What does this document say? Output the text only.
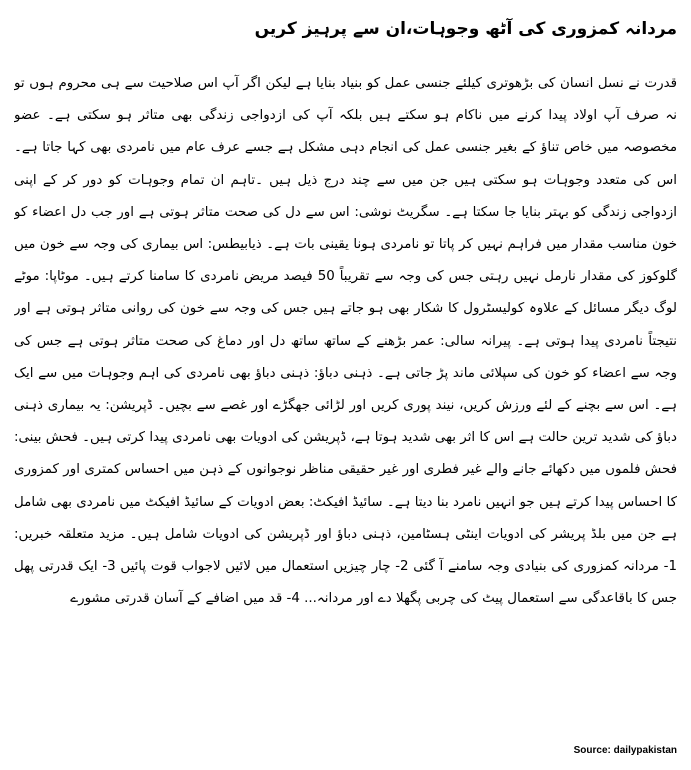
مردانہ کمزوری کی آٹھ وجوہات،ان سے پرہیز کریں

قدرت نے نسل انسان کی بڑھوتری کیلئے جنسی عمل کو بنیاد بنایا ہے لیکن اگر آپ اس صلاحیت سے ہی محروم ہوں تو نہ صرف آپ اولاد پیدا کرنے میں ناکام ہو سکتے ہیں بلکہ آپ کی ازدواجی زندگی بھی متاثر ہو سکتی ہے۔ عضو مخصوصہ میں خاص تناؤ کے بغیر جنسی عمل کی انجام دہی مشکل ہے جسے عرف عام میں نامردی بھی کہا جاتا ہے۔اس کی متعدد وجوہات ہو سکتی ہیں جن میں سے چند درج ذیل ہیں ۔تاہم ان تمام وجوہات کو دور کر کے اپنی ازدواجی زندگی کو بہتر بنایا جا سکتا ہے۔ سگریٹ نوشی: اس سے دل کی صحت متاثر ہوتی ہے اور جب دل اعضاء کو خون مناسب مقدار میں فراہم نہیں کر پاتا تو نامردی ہونا یقینی بات ہے۔ ذیابیطس: اس بیماری کی وجہ سے خون میں گلوکوز کی مقدار نارمل نہیں رہتی جس کی وجہ سے تقریباً 50 فیصد مریض نامردی کا سامنا کرتے ہیں۔ موٹاپا: موٹے لوگ دیگر مسائل کے علاوہ کولیسٹرول کا شکار بھی ہو جاتے ہیں جس کی وجہ سے خون کی روانی متاثر ہوتی ہے اور نتیجتاً نامردی پیدا ہوتی ہے۔ پیرانہ سالی: عمر بڑھنے کے ساتھ ساتھ دل اور دماغ کی صحت متاثر ہوتی ہے جس کی وجہ سے اعضاء کو خون کی سپلائی ماند پڑ جاتی ہے۔ ذہنی دباؤ: ذہنی دباؤ بھی نامردی کی اہم وجوہات میں سے ایک ہے۔ اس سے بچنے کے لئے ورزش کریں، نیند پوری کریں اور لڑائی جھگڑے اور غصے سے بچیں۔ ڈپریشن: یہ بیماری ذہنی دباؤ کی شدید ترین حالت ہے اس کا اثر بھی شدید ہوتا ہے، ڈپریشن کی ادویات بھی نامردی پیدا کرتی ہیں۔ فحش بینی: فحش فلموں میں دکھائے جانے والے غیر فطری اور غیر حقیقی مناظر نوجوانوں کے ذہن میں احساس کمتری اور کمزوری کا احساس پیدا کرتے ہیں جو انہیں نامرد بنا دیتا ہے۔ سائیڈ افیکٹ: بعض ادویات کے سائیڈ افیکٹ میں نامردی بھی شامل ہے جن میں بلڈ پریشر کی ادویات اینٹی ہسٹامین، ذہنی دباؤ اور ڈپریشن کی ادویات شامل ہیں۔ مزید متعلقہ خبریں: 1- مردانہ کمزوری کی بنیادی وجہ سامنے آ گئی 2- چار چیزیں استعمال میں لائیں لاجواب قوت پائیں 3- ایک قدرتی پھل جس کا باقاعدگی سے استعمال پیٹ کی چربی پگھلا دے اور مردانہ... 4- قد میں اضافے کے آسان قدرتی مشورے

Source: dailypakistan
